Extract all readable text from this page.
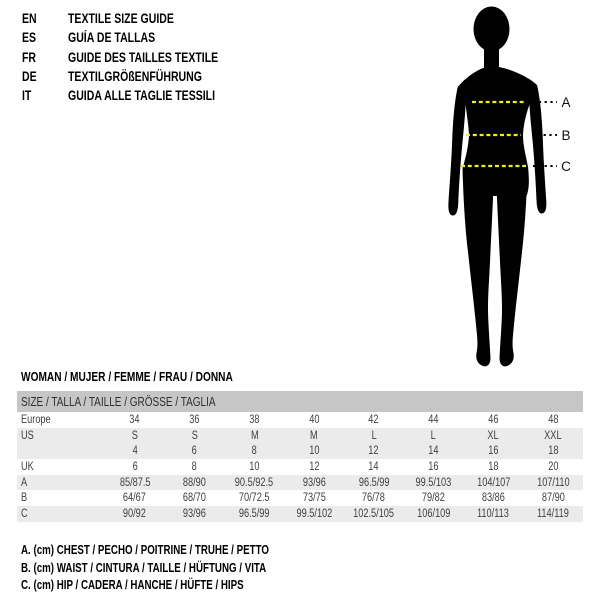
EN	TEXTILE SIZE GUIDE
ES	GUÍA DE TALLAS
FR	GUIDE DES TAILLES TEXTILE
DE	TEXTILGRÖßENFÜHRUNG
IT	GUIDA ALLE TAGLIE TESSILI	A
B
C
WOMAN / MUJER / FEMME / FRAU / DONNA
SIZE / TALLA / TAILLE / GRÖSSE / TAGLIA
Europe	34	36	38	40	42	44	46	48
US	S	S	M	M	L	L	XL	XXL
4	6	8	10	12	14	16	18
UK	6	8	10	12	14	16	18	20
A	85/87.5	88/90	90.5/92.5	93/96	96.5/99 99.5/103 104/107 107/110
B	64/67	68/70	70/72.5	73/75	76/78	79/82	83/86	87/90
C	90/92	93/96	96.5/99 99.5/102 102.5/105 106/109 110/113 114/119
A. (cm) CHEST / PECHO / POITRINE / TRUHE / PETTO
B. (cm) WAIST / CINTURA / TAILLE / HÜFTUNG / VITA
C. (cm) HIP / CADERA / HANCHE / HÜFTE / HIPS
